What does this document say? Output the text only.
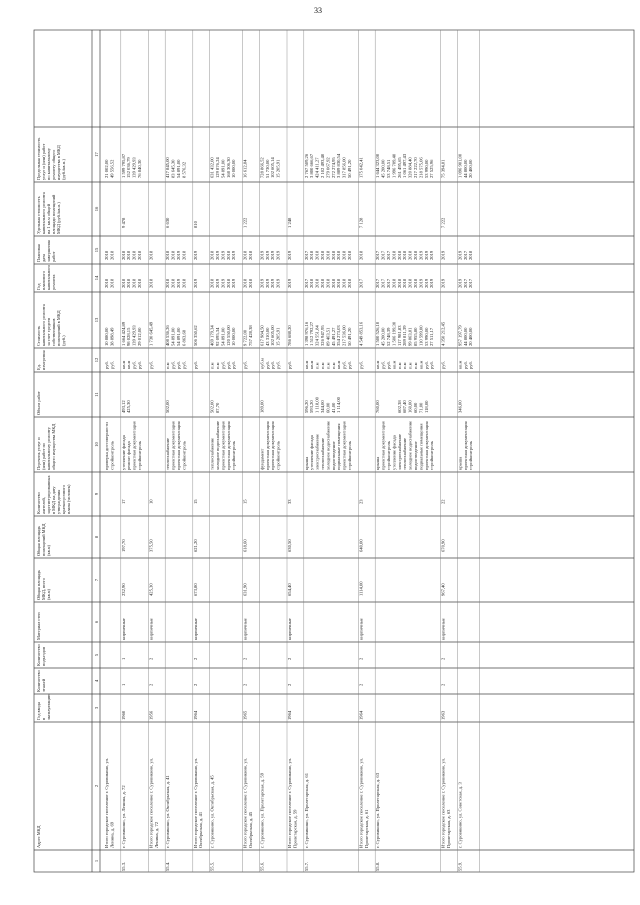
33
Адрес МКД
Год ввода в эксплуатацию
Количество этажей
Количество подъездов
Материал стен
Общая площадь МКД, всего (кв.м)
Общая площадь помещений МКД (кв.м)
Количество жителей, зарегистрированных в МКД на дату утверждения краткосрочного плана (человек)
Перечень услуг и (или) работ по капитальному ремонту общего имущества МКД
Объем работ
Ед. измерения
Стоимость капитального ремонта за счет средств собственников помещений в МКД (руб.)
Год планового капитального ремонта
Плановая дата завершения работ
Удельная стоимость капитального ремонта на 1 кв.м общей площади помещений МКД (руб./кв.м.)
Предельная стоимость услуг и (или) работ по капитальному ремонту общего имущества в МКД (руб./кв.м.)
1
2
3
4
5
6
7
8
9
10
11
12
13
14
15
16
17
Итого городское поселение г. Суровикино, ул. Ленина, д. 69
проверка достоверности стройконтроль
руб. руб.
10 880,00 38 898,49
2018 2018
2018 2018
21 002,00 49 556,52
55.3.
г. Суровикино, ул. Ленина, д. 72
1960
1
1
кирпичные
232,90
197,70
17
утепление фасада ремонт фасада проектная документация стройконтроль
493,12 425,30
кв.м кв.м руб. руб.
1 664 424,89 98 028,15 139 429,93 29 012,00
2018 2018 2018 2018
2018 2018 2018 2018
9 478
1 599 795,87 152 036,79 139 429,93 76 840,30
Итого городское поселение г. Суровикино, ул. Ленина, д. 72
1956
2
2
кирпичные
425,30
375,50
10
руб.
1 730 645,49
2018
2018
55.4.
г. Суровикино, ул. Октябрьская, д. 41
теплоснабжение проектная документация проектная документация стройконтроль
502,00
п.м руб. руб. руб.
408 536,26 54 891,00 54 891,00 6 863,68
2018 2018 2019 2018
2018 2018 2019 2018
6 630
417 845,00 83 645,30 54 891,00 8 576,32
Итого городское поселение г. Суровикино, ул. Октябрьская, д. 41
1964
2
2
кирпичные
673,80
621,20
15
руб.
506 350,62
2019
2019
810
55.5.
г. Суровикино, ул. Октябрьская, д. 45
теплоснабжение холодное водоснабжение проектная документация проектная документация стройконтроль
502,00 87,70
п.м п.м руб. руб. руб.
469 179,34 92 095,34 54 891,00 120 550,00 10 000,00
2018 2019 2019 2018 2019
2018 2019 2019 2018 2019
631 432,00 129 876,24 54 891,00 168 306,30 10 000,00
Итого городское поселение г. Суровикино, ул. Октябрьская, д. 45
1965
2
2
кирпичные
631,90
618,60
15
руб.
9 722,00 757 428,38
2018 2018
2018 2018
1 222
16 612,84
55.6.
г. Суровикино, ул. Пролетарская, д. 59
фундамент проектная документация проектная документация стройконтроль
189,00
куб.м руб. руб. руб.
617 984,50 43 310,00 102 605,00 15 205,91
2019 2019 2019 2019
2019 2019 2019 2019
728 866,52 51 730,00 102 605,14 15 205,91
Итого городское поселение г. Суровикино, ул. Пролетарская, д. 59
1964
2
2
кирпичные
654,40
630,50
33
руб.
786 688,20
2019
2019
1 248
55.7.
г. Суровикино, ул. Пролетарская, д. 61
крыша утепление фасада электроснабжение теплоснабжение холодное водоснабжение водоотведение подвальные помещения проектная документация стройконтроль
596,20 593,20 1 118,00 344,00 60,00 41,00 1 114,00
кв.м кв.м п.м п.м п.м п.м кв.м руб. руб.
1 398 976,16 1 512 792,27 324 551,84 326 947,95 89 463,51 45 491,27 354 273,03 217 536,00 50 491,20
2017 2018 2018 2018 2018 2018 2018 2018 2018
2017 2018 2018 2018 2018 2018 2018 2018 2018
2 767 509,26 3 800 666,67 424 411,27 2 102 493,40 279 067,92 272 274,95 3 889 830,54 317 856,00 50 491,20
Итого городское поселение г. Суровикино, ул. Пролетарская, д. 61
1964
2
2
кирпичные
1114,00
640,00
23
руб.
4 549 853,16
2017
2018
7 128
175 042,41
55.8.
г. Суровикино, ул. Пролетарская, д. 63
крыша проектная документация стройконтроль утепление фасада электроснабжение теплоснабжение холодное водоснабжение водоотведение подвальные помещения проектная документация стройконтроль
760,00	602,38 687,40 160,00 60,00 71,00 118,00
кв.м руб. руб. кв.м п.м п.м п.м п.м кв.м руб. руб.
1 500 526,10 45 200,00 52 748,39 1 506 199,30 117 981,83 289 811,39 99 863,81 85 955,80 110 599,00 53 990,00 27 511,17
2017 2017 2017 2018 2018 2018 2018 2018 2019 2019 2019
2017 2017 2017 2018 2018 2018 2018 2018 2019 2019 2019
1 644 323,00 45 200,00 53 748,51 1 996 789,40 261 495,65 1 061 497,43 320 884,40 217 222,70 218 575,06 53 990,00 27 525,96
Итого городское поселение г. Суровикино, ул. Пролетарская, д. 63
1963
2
2
кирпичные
967,40
670,90
22
руб.
4 350 212,45
2019
2019
7 222
75 394,81
55.9.
г. Суровикино, ул. Советская, д. 3
крыша проектная документация стройконтроль
346,00
кв.м руб. руб.
957 197,79 44 800,00 20 400,00
2019 2017 2017
2019 2017 2018
1 096 901,00 44 800,00 20 400,00
